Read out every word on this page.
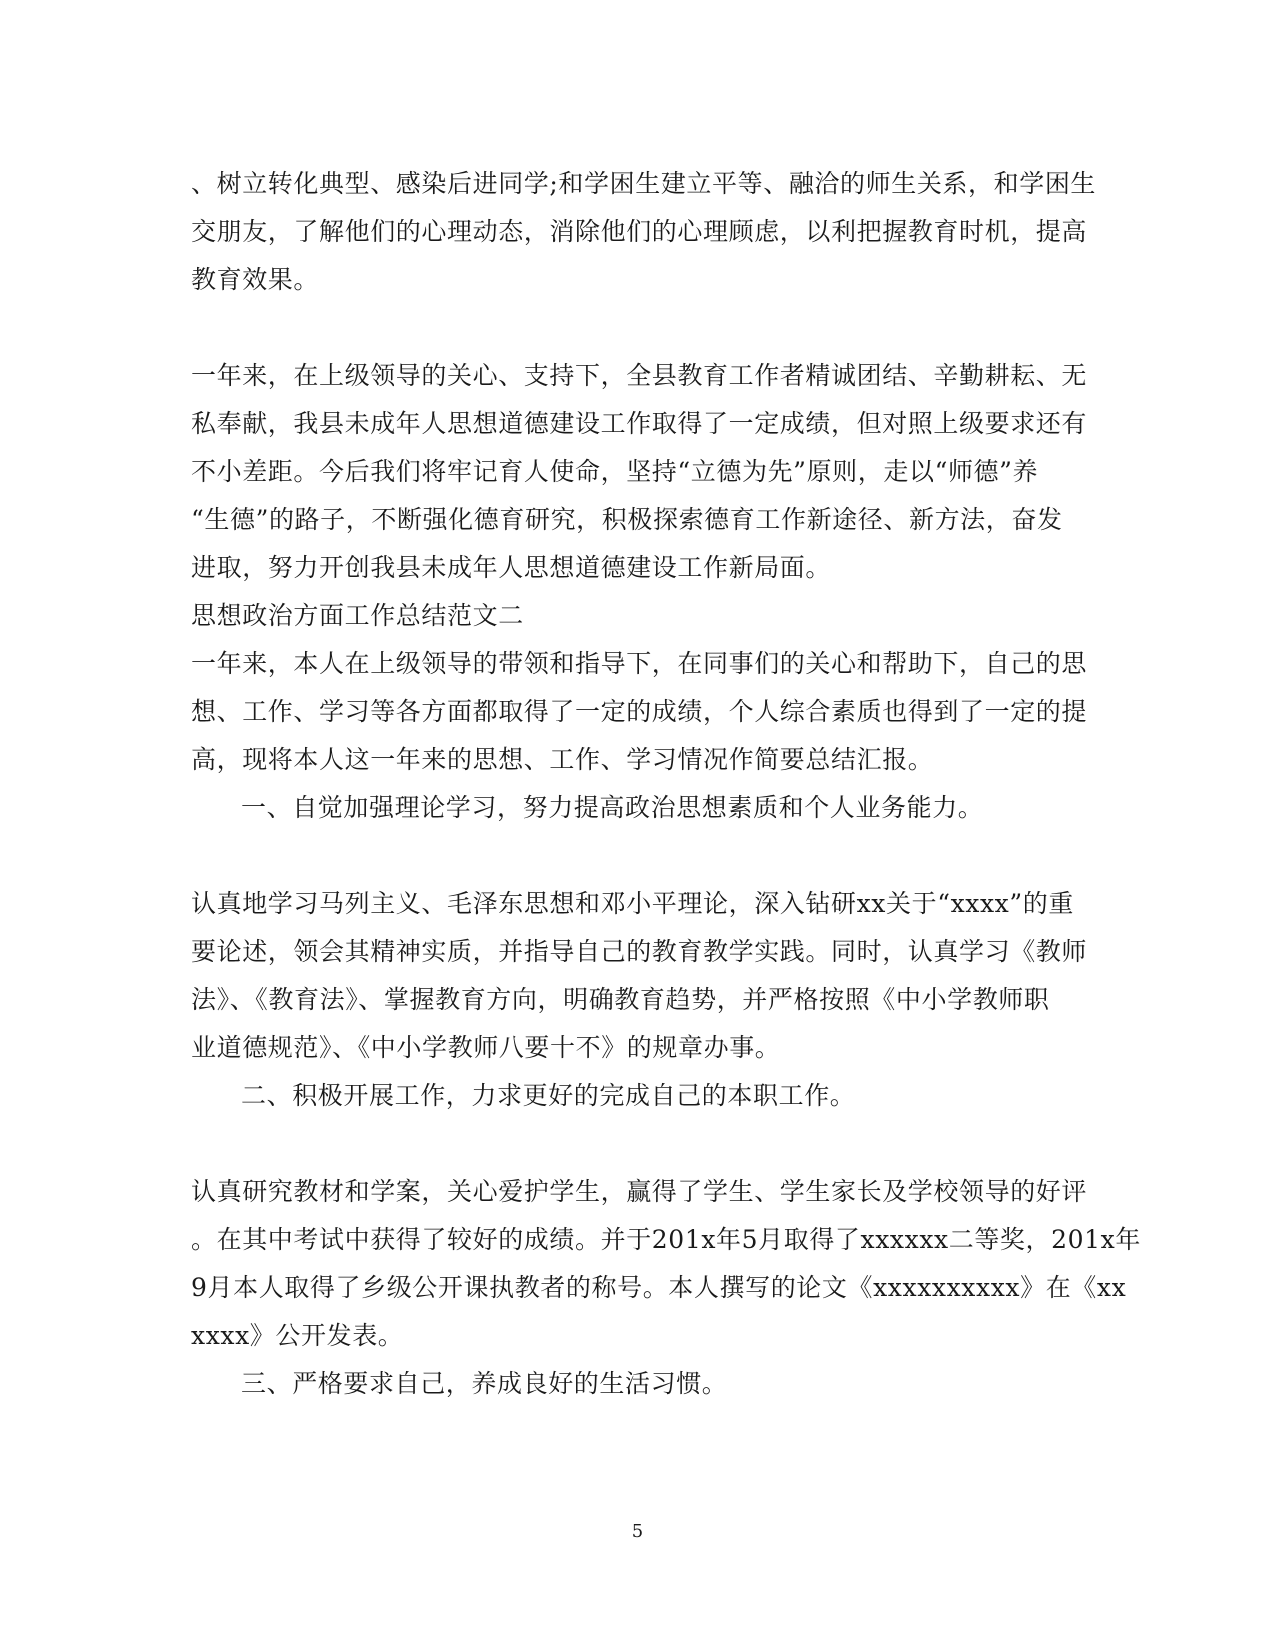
、树立转化典型、感染后进同学;和学困生建立平等、融洽的师生关系，和学困生
交朋友，了解他们的心理动态，消除他们的心理顾虑，以利把握教育时机，提高
教育效果。
一年来，在上级领导的关心、支持下，全县教育工作者精诚团结、辛勤耕耘、无
私奉献，我县未成年人思想道德建设工作取得了一定成绩，但对照上级要求还有
不小差距。今后我们将牢记育人使命，坚持“立德为先”原则，走以“师德”养
“生德”的路子，不断强化德育研究，积极探索德育工作新途径、新方法，奋发
进取，努力开创我县未成年人思想道德建设工作新局面。
思想政治方面工作总结范文二
一年来，本人在上级领导的带领和指导下，在同事们的关心和帮助下，自己的思
想、工作、学习等各方面都取得了一定的成绩，个人综合素质也得到了一定的提
高，现将本人这一年来的思想、工作、学习情况作简要总结汇报。
一、自觉加强理论学习，努力提高政治思想素质和个人业务能力。
认真地学习马列主义、毛泽东思想和邓小平理论，深入钻研xx关于“xxxx”的重
要论述，领会其精神实质，并指导自己的教育教学实践。同时，认真学习《教师
法》、《教育法》、掌握教育方向，明确教育趋势，并严格按照《中小学教师职
业道德规范》、《中小学教师八要十不》的规章办事。
二、积极开展工作，力求更好的完成自己的本职工作。
认真研究教材和学案，关心爱护学生，赢得了学生、学生家长及学校领导的好评
。在其中考试中获得了较好的成绩。并于201x年5月取得了xxxxxx二等奖，201x年
9月本人取得了乡级公开课执教者的称号。本人撰写的论文《xxxxxxxxxx》在《xx
xxxx》公开发表。
三、严格要求自己，养成良好的生活习惯。
5
